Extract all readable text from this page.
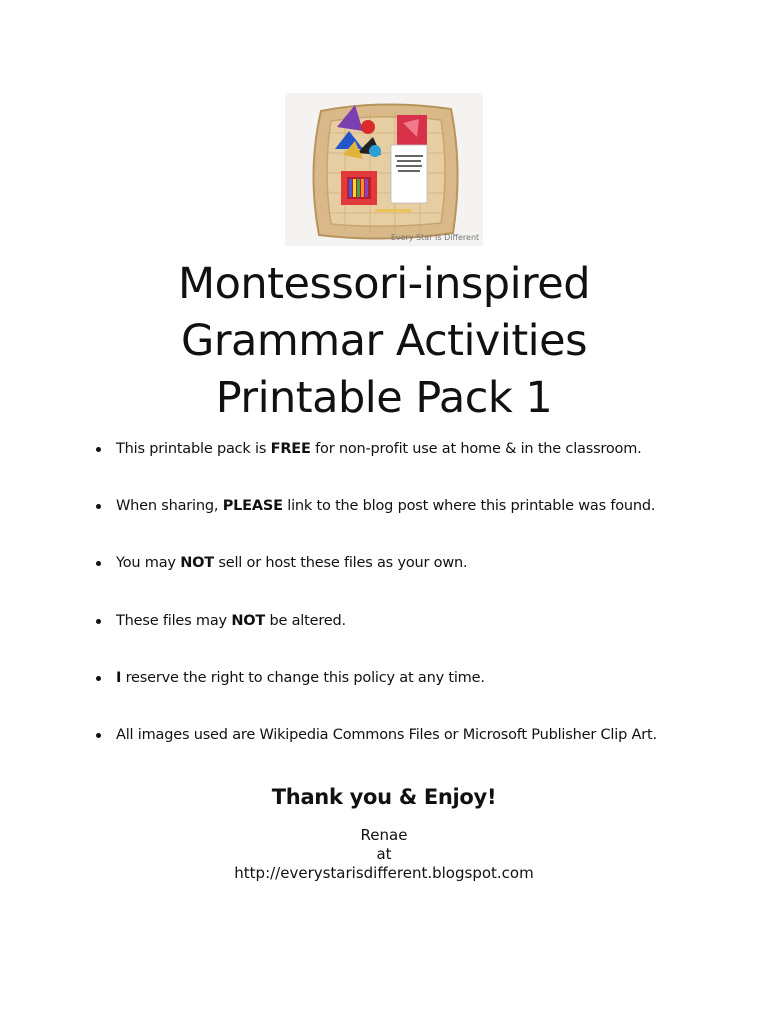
Every Star Is Different
Montessori-inspired
Grammar Activities
Printable Pack 1
This printable pack is FREE for non-profit use at home & in the classroom.
When sharing, PLEASE link to the blog post where this printable was found.
You may NOT sell or host these files as your own.
These files may NOT be altered.
I reserve the right to change this policy at any time.
All images used are Wikipedia Commons Files or Microsoft Publisher Clip Art.
Thank you & Enjoy!
Renae
at
http://everystarisdifferent.blogspot.com
